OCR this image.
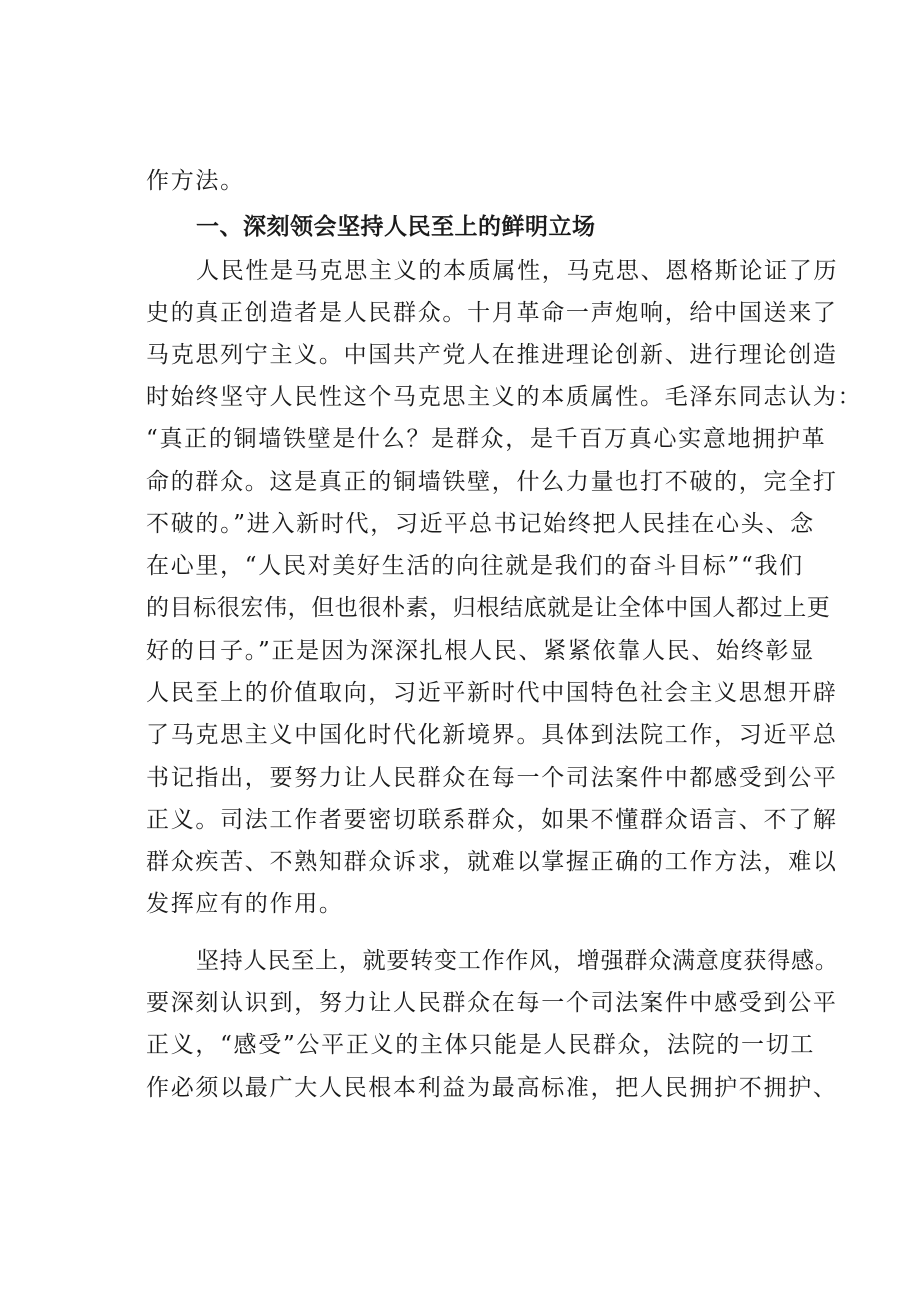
作方法。
一、深刻领会坚持人民至上的鲜明立场
人民性是马克思主义的本质属性，马克思、恩格斯论证了历
史的真正创造者是人民群众。十月革命一声炮响，给中国送来了
马克思列宁主义。中国共产党人在推进理论创新、进行理论创造
时始终坚守人民性这个马克思主义的本质属性。毛泽东同志认为：
“真正的铜墙铁壁是什么？是群众，是千百万真心实意地拥护革
命的群众。这是真正的铜墙铁壁，什么力量也打不破的，完全打
不破的。”进入新时代，习近平总书记始终把人民挂在心头、念
在心里，“人民对美好生活的向往就是我们的奋斗目标”“我们
的目标很宏伟，但也很朴素，归根结底就是让全体中国人都过上更
好的日子。”正是因为深深扎根人民、紧紧依靠人民、始终彰显
人民至上的价值取向，习近平新时代中国特色社会主义思想开辟
了马克思主义中国化时代化新境界。具体到法院工作，习近平总
书记指出，要努力让人民群众在每一个司法案件中都感受到公平
正义。司法工作者要密切联系群众，如果不懂群众语言、不了解
群众疾苦、不熟知群众诉求，就难以掌握正确的工作方法，难以
发挥应有的作用。
坚持人民至上，就要转变工作作风，增强群众满意度获得感。
要深刻认识到，努力让人民群众在每一个司法案件中感受到公平
正义，“感受”公平正义的主体只能是人民群众，法院的一切工
作必须以最广大人民根本利益为最高标准，把人民拥护不拥护、
